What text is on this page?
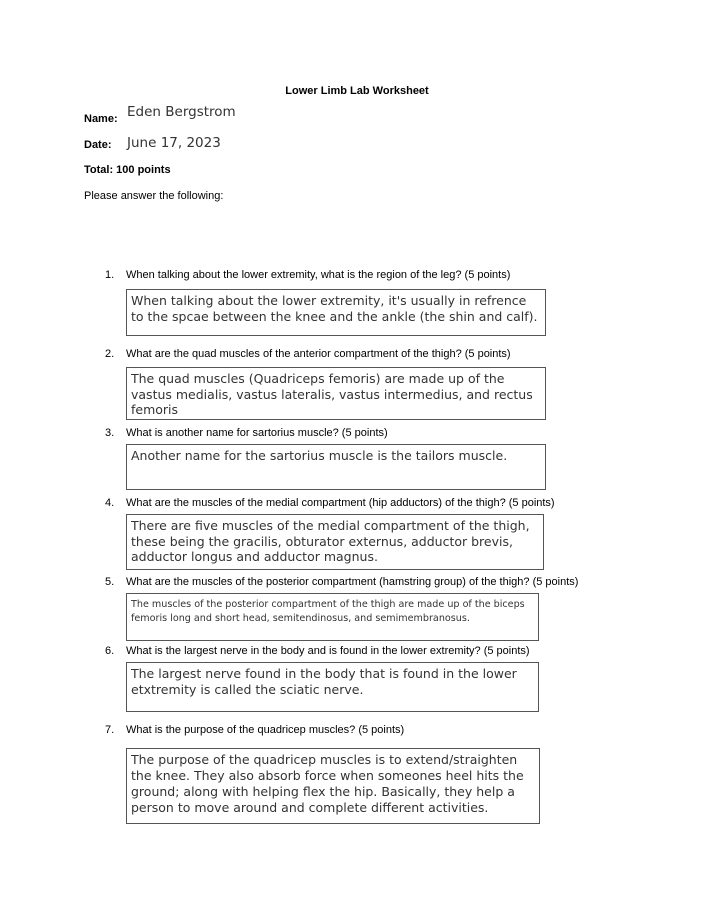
Lower Limb Lab Worksheet
Name: Eden Bergstrom
Date: June 17, 2023
Total: 100 points
Please answer the following:
1. When talking about the lower extremity, what is the region of the leg? (5 points)
When talking about the lower extremity, it's usually in refrence to the spcae between the knee and the ankle (the shin and calf).
2. What are the quad muscles of the anterior compartment of the thigh? (5 points)
The quad muscles (Quadriceps femoris) are made up of the vastus medialis, vastus lateralis, vastus intermedius, and rectus femoris
3. What is another name for sartorius muscle? (5 points)
Another name for the sartorius muscle is the tailors muscle.
4. What are the muscles of the medial compartment (hip adductors) of the thigh? (5 points)
There are five muscles of the medial compartment of the thigh, these being the gracilis, obturator externus, adductor brevis, adductor longus and adductor magnus.
5. What are the muscles of the posterior compartment (hamstring group) of the thigh? (5 points)
The muscles of the posterior compartment of the thigh are made up of the biceps femoris long and short head, semitendinosus, and semimembranosus.
6. What is the largest nerve in the body and is found in the lower extremity? (5 points)
The largest nerve found in the body that is found in the lower etxtremity is called the sciatic nerve.
7. What is the purpose of the quadricep muscles? (5 points)
The purpose of the quadricep muscles is to extend/straighten the knee. They also absorb force when someones heel hits the ground; along with helping flex the hip. Basically, they help a person to move around and complete different activities.
